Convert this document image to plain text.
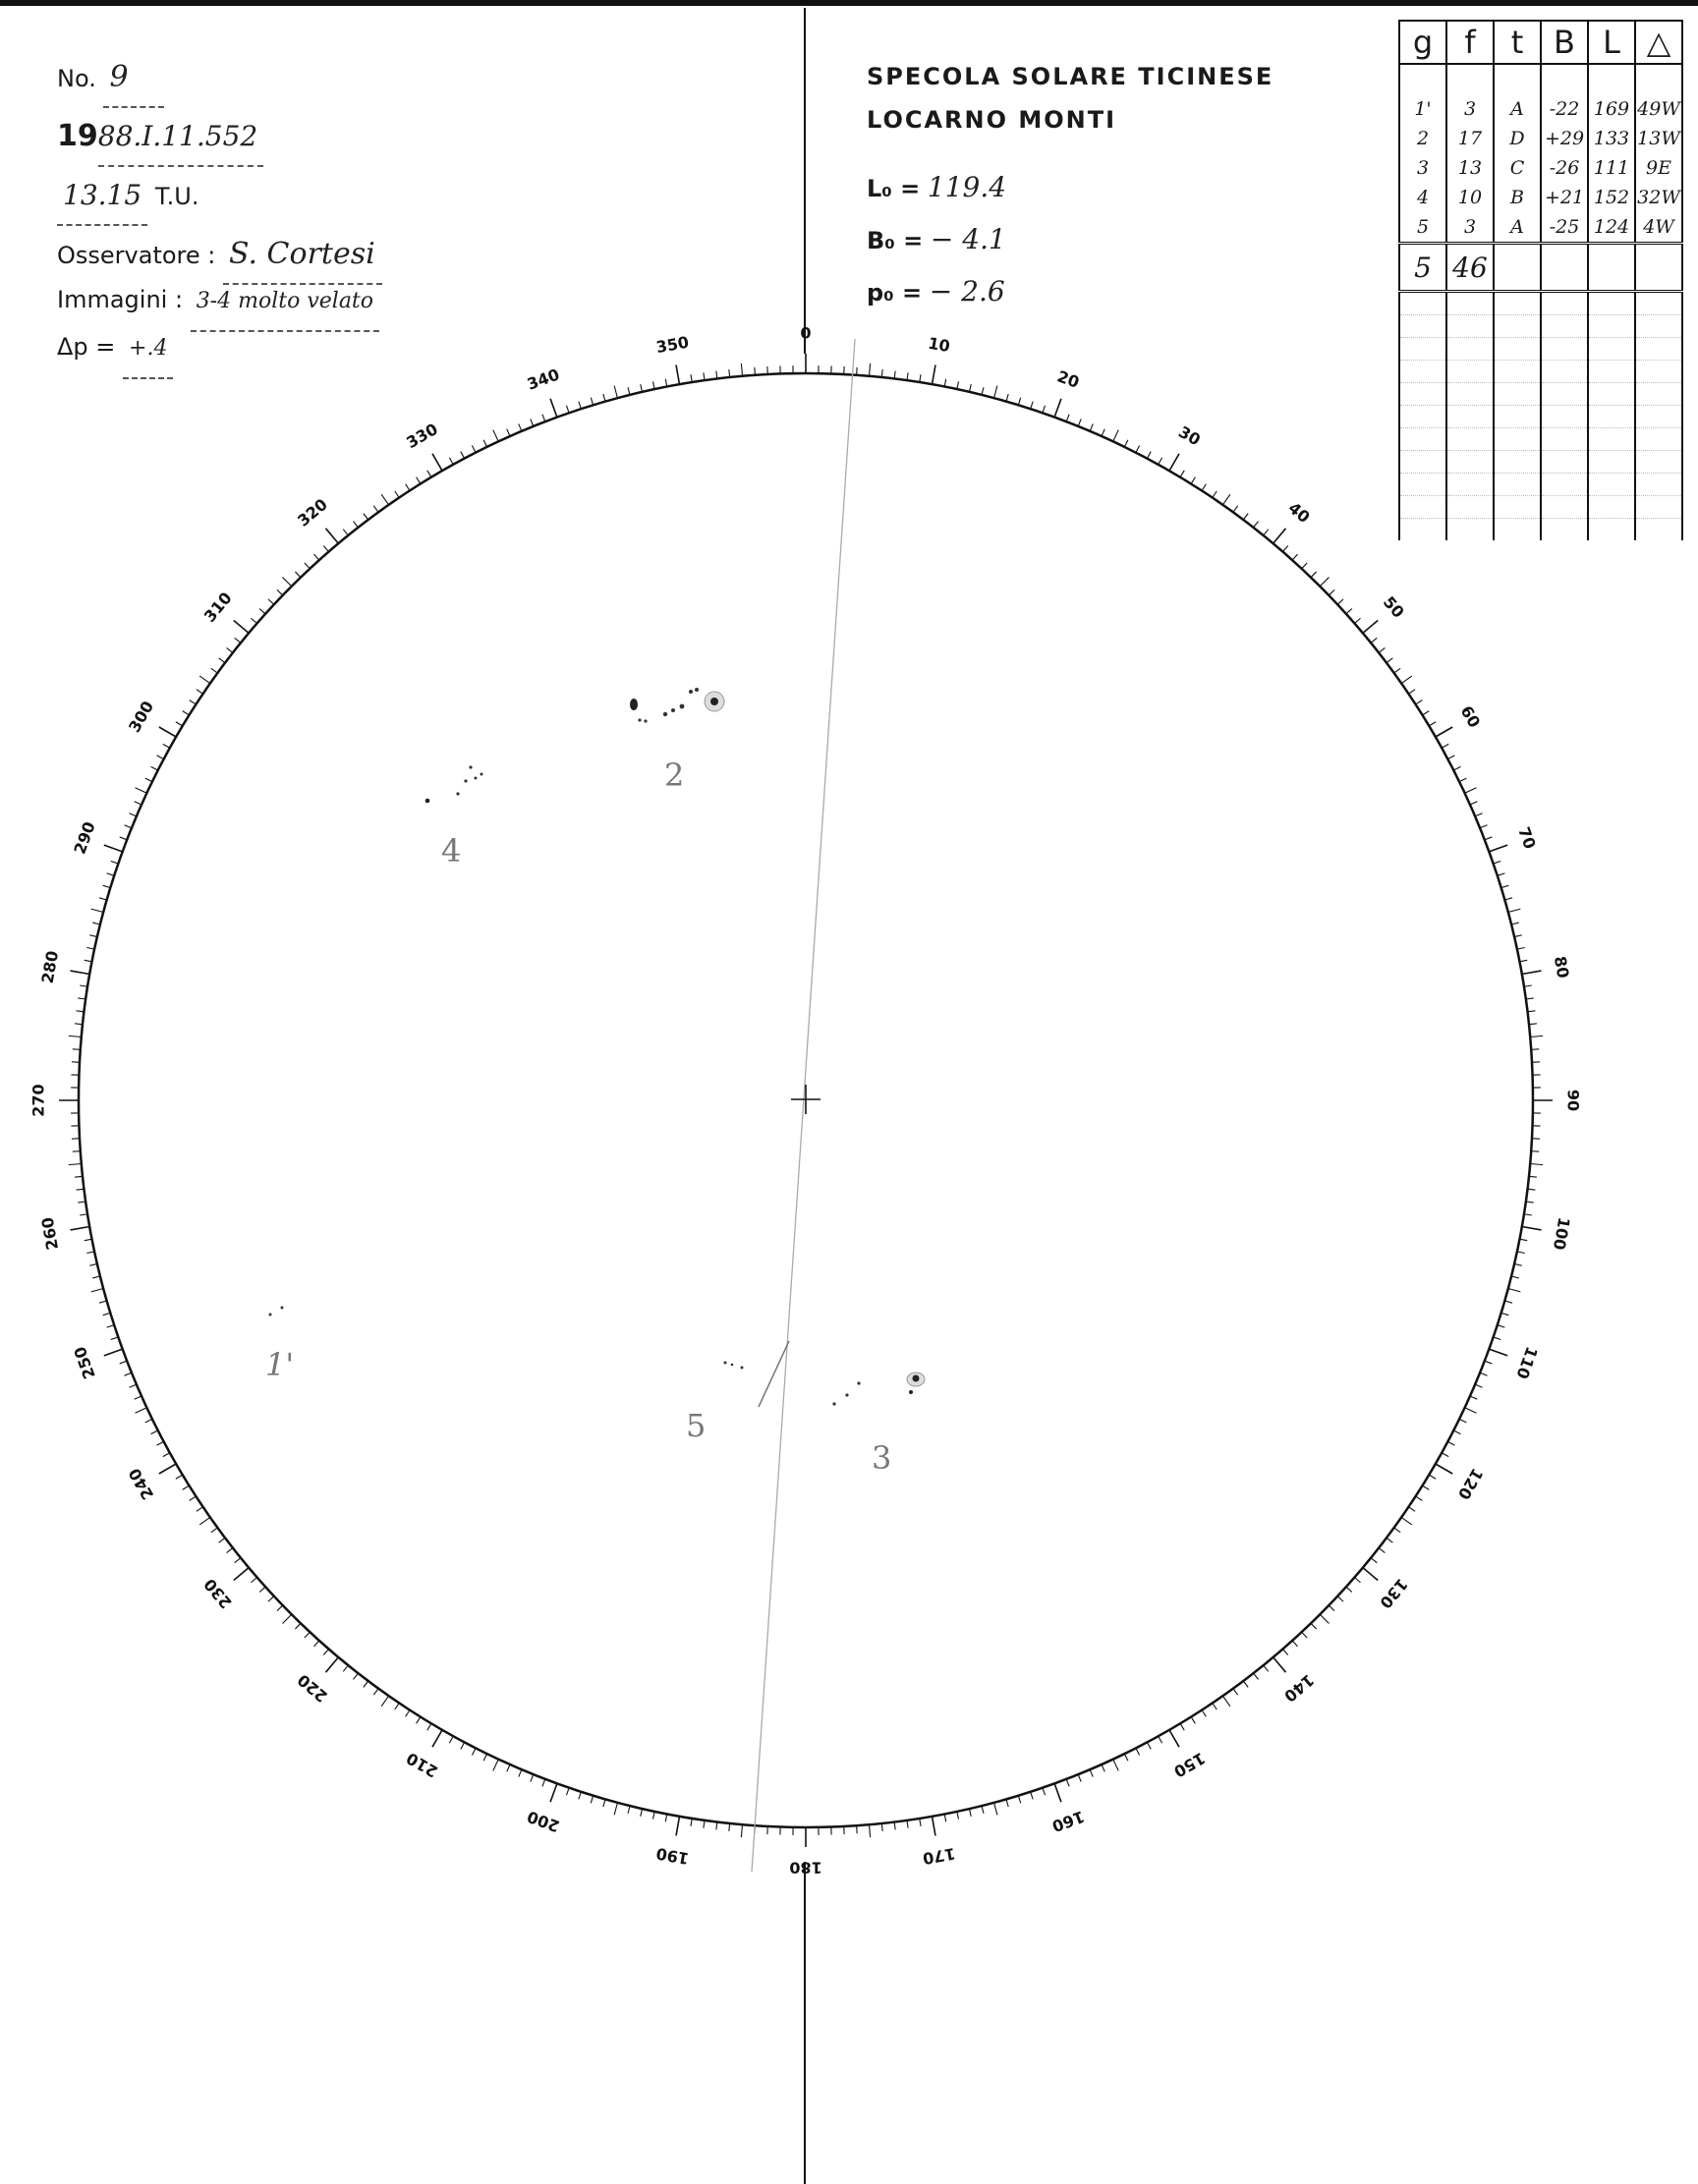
No. 9
1988.I.11.552
13.15 T.U.
Osservatore : S. Cortesi
Immagini : 3-4 molto velato
Δp = +.4
SPECOLA SOLARE TICINESE
LOCARNO MONTI
L₀ = 119.4
B₀ = − 4.1
p₀ = − 2.6
g	f	t	B	L	△

1'	3	A	-22	169	49W
2	17	D	+29	133	13W
3	13	C	-26	111	9E
4	10	B	+21	152	32W
5	3	A	-25	124	4W
5	46				

0
10
20
30
40
50
60
70
80
90
100
110
120
130
140
150
160
170
180
190
200
210
220
230
240
250
260
270
280
290
300
310
320
330
340
350
1'
2
3
4
5
